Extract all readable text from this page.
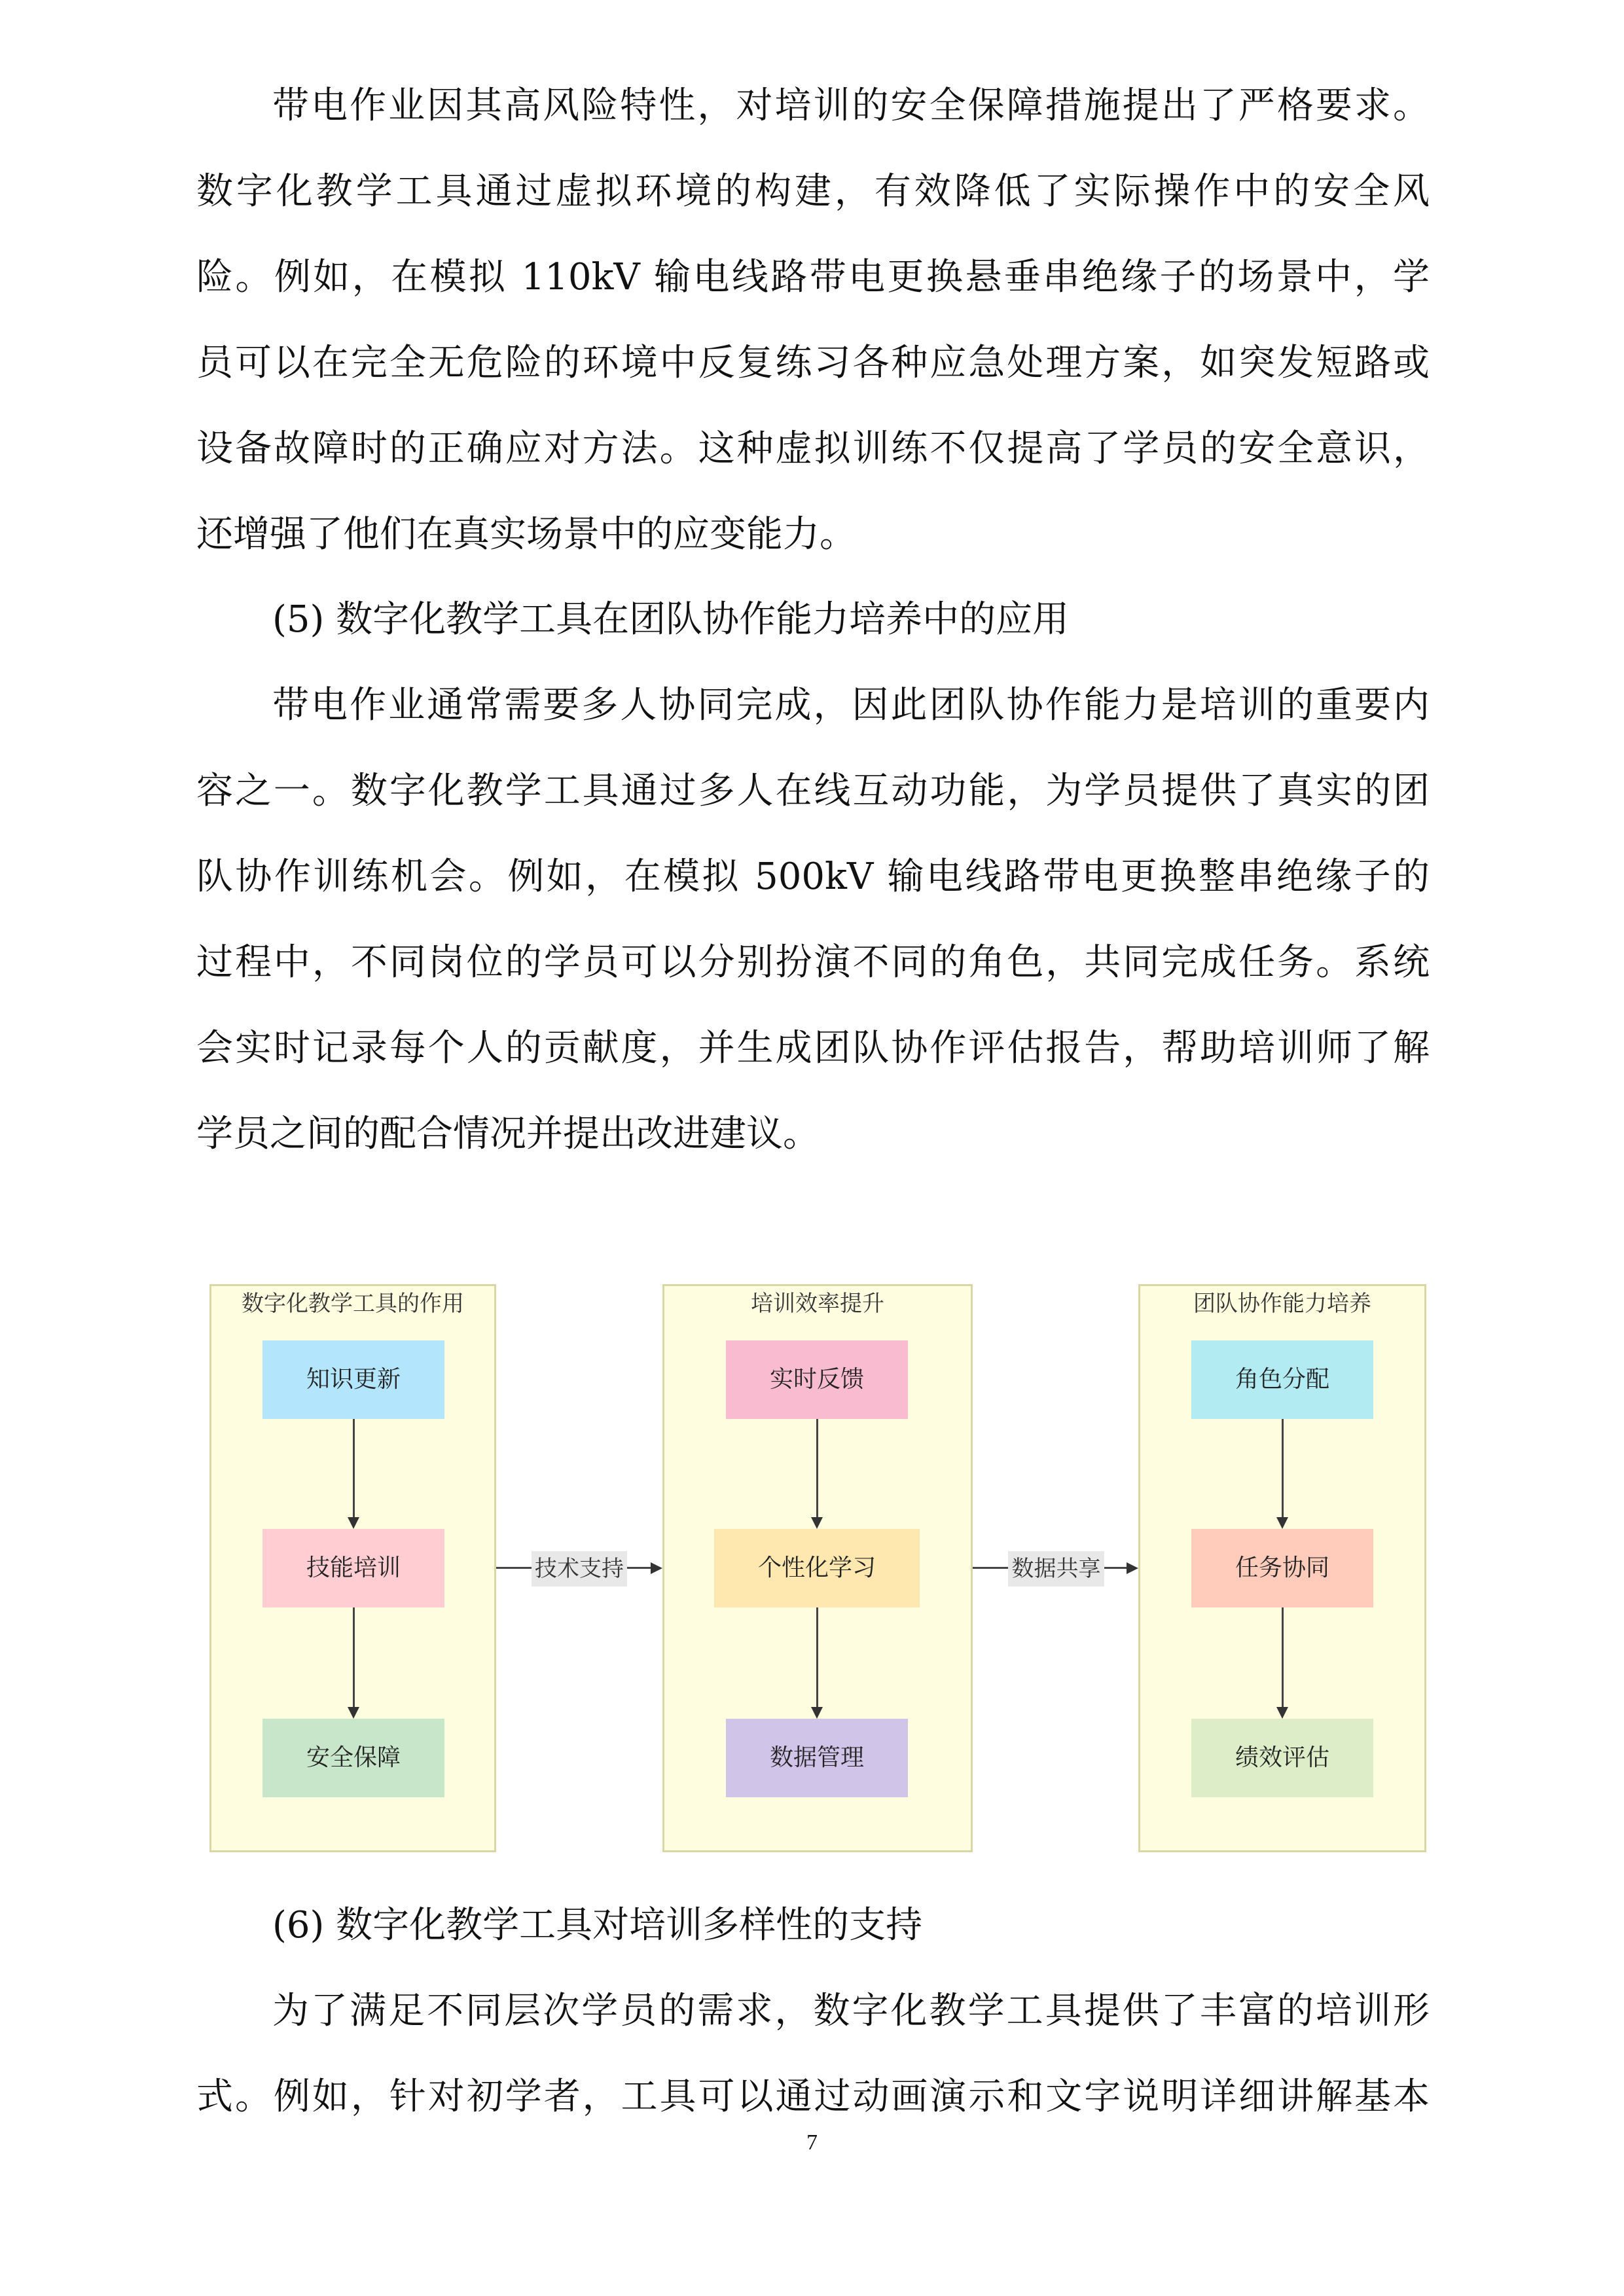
带电作业因其高风险特性，对培训的安全保障措施提出了严格要求。
数字化教学工具通过虚拟环境的构建，有效降低了实际操作中的安全风
险。例如，在模拟 110kV 输电线路带电更换悬垂串绝缘子的场景中，学
员可以在完全无危险的环境中反复练习各种应急处理方案，如突发短路或
设备故障时的正确应对方法。这种虚拟训练不仅提高了学员的安全意识，
还增强了他们在真实场景中的应变能力。
(5) 数字化教学工具在团队协作能力培养中的应用
带电作业通常需要多人协同完成，因此团队协作能力是培训的重要内
容之一。数字化教学工具通过多人在线互动功能，为学员提供了真实的团
队协作训练机会。例如，在模拟 500kV 输电线路带电更换整串绝缘子的
过程中，不同岗位的学员可以分别扮演不同的角色，共同完成任务。系统
会实时记录每个人的贡献度，并生成团队协作评估报告，帮助培训师了解
学员之间的配合情况并提出改进建议。
数字化教学工具的作用	培训效率提升	团队协作能力培养
知识更新
技能培训
安全保障
实时反馈
个性化学习
数据管理
角色分配
任务协同
绩效评估
技术支持	数据共享
(6) 数字化教学工具对培训多样性的支持
为了满足不同层次学员的需求，数字化教学工具提供了丰富的培训形
式。例如，针对初学者，工具可以通过动画演示和文字说明详细讲解基本
7
